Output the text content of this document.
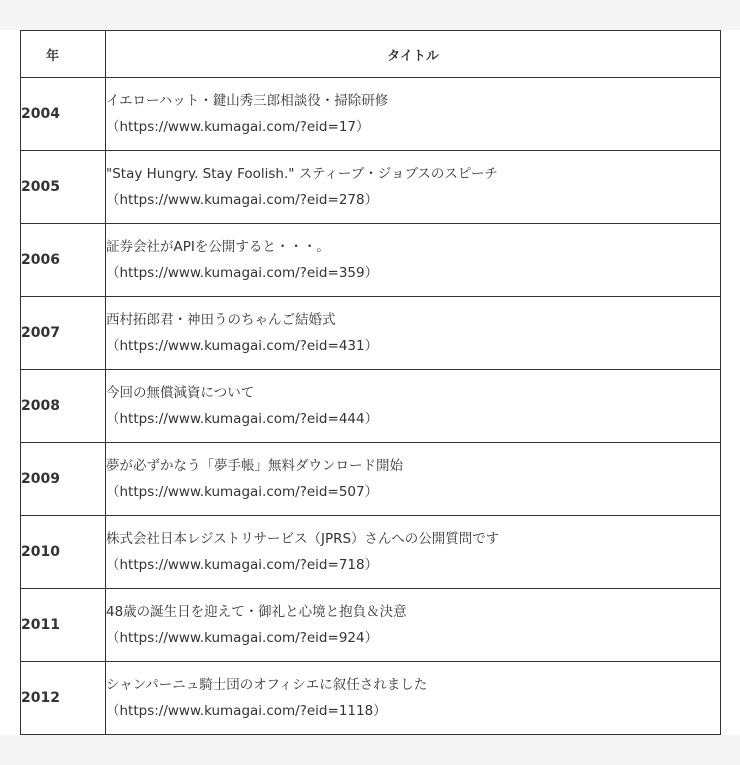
年	タイトル
2004	イエローハット・鍵山秀三郎相談役・掃除研修
（https://www.kumagai.com/?eid=17）

2005	"Stay Hungry. Stay Foolish." スティーブ・ジョブスのスピーチ
（https://www.kumagai.com/?eid=278）

2006	証券会社がAPIを公開すると・・・。
（https://www.kumagai.com/?eid=359）

2007	西村拓郎君・神田うのちゃんご結婚式
（https://www.kumagai.com/?eid=431）

2008	今回の無償減資について
（https://www.kumagai.com/?eid=444）

2009	夢が必ずかなう「夢手帳」無料ダウンロード開始
（https://www.kumagai.com/?eid=507）

2010	株式会社日本レジストリサービス（JPRS）さんへの公開質問です
（https://www.kumagai.com/?eid=718）

2011	48歳の誕生日を迎えて・御礼と心境と抱負＆決意
（https://www.kumagai.com/?eid=924）

2012	シャンパーニュ騎士団のオフィシエに叙任されました
（https://www.kumagai.com/?eid=1118）
